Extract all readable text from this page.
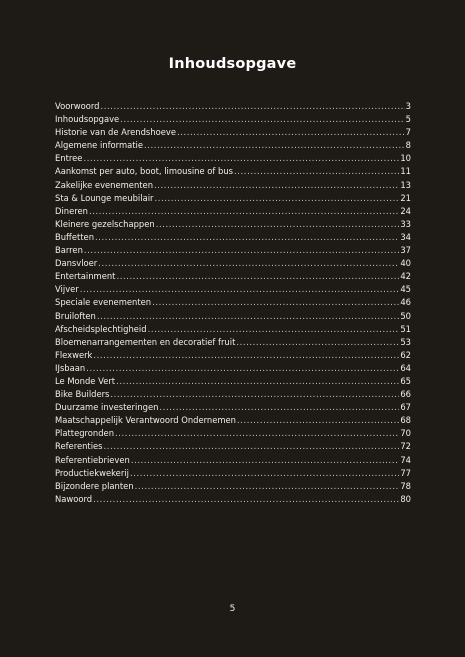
Inhoudsopgave
Voorwoord .....	3
Inhoudsopgave .....	5
Historie van de Arendshoeve .....	7
Algemene informatie .....	8
Entree .....	10
Aankomst per auto, boot, limousine of bus .....	11
Zakelijke evenementen .....	13
Sta & Lounge meubilair .....	21
Dineren .....	24
Kleinere gezelschappen .....	33
Buffetten .....	34
Barren .....	37
Dansvloer .....	40
Entertainment .....	42
Vijver .....	45
Speciale evenementen .....	46
Bruiloften .....	50
Afscheidsplechtigheid .....	51
Bloemenarrangementen en decoratief fruit .....	53
Flexwerk .....	62
IJsbaan .....	64
Le Monde Vert .....	65
Bike Builders .....	66
Duurzame investeringen .....	67
Maatschappelijk Verantwoord Ondernemen .....	68
Plattegronden .....	70
Referenties .....	72
Referentiebrieven .....	74
Productiekwekerij .....	77
Bijzondere planten .....	78
Nawoord .....	80
5
